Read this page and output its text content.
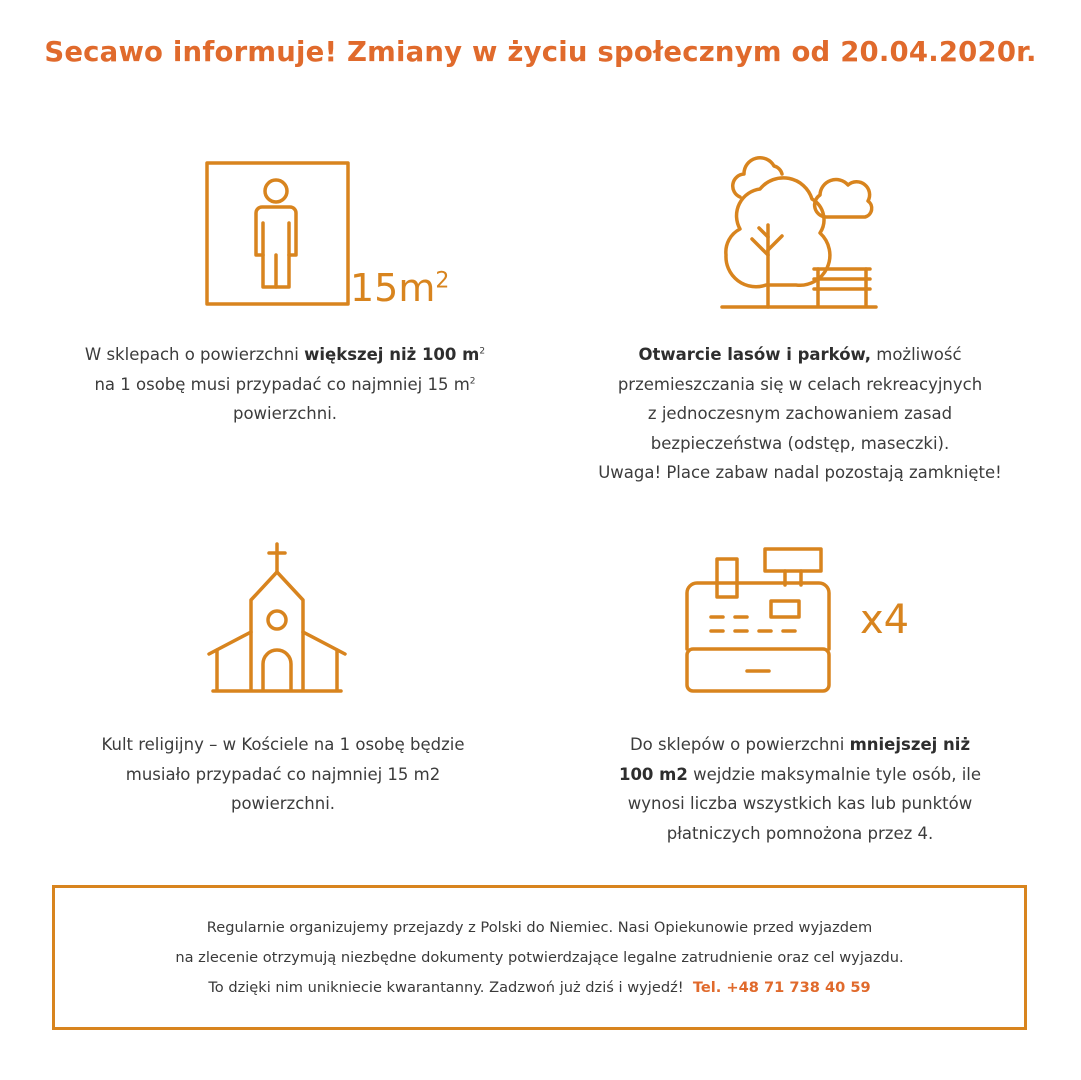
Secawo informuje! Zmiany w życiu społecznym od 20.04.2020r.
$15m^2$
W sklepach o powierzchni większej niż 100 $m^2$
na 1 osobę musi przypadać co najmniej 15 $m^2$
powierzchni.
Otwarcie lasów i parków, możliwość
przemieszczania się w celach rekreacyjnych
z jednoczesnym zachowaniem zasad
bezpieczeństwa (odstęp, maseczki).
Uwaga! Place zabaw nadal pozostają zamknięte!
x4
Kult religijny – w Kościele na 1 osobę będzie
musiało przypadać co najmniej 15 m2
powierzchni.
Do sklepów o powierzchni mniejszej niż
100 m2 wejdzie maksymalnie tyle osób, ile
wynosi liczba wszystkich kas lub punktów
płatniczych pomnożona przez 4.
Regularnie organizujemy przejazdy z Polski do Niemiec. Nasi Opiekunowie przed wyjazdem
na zlecenie otrzymują niezbędne dokumenty potwierdzające legalne zatrudnienie oraz cel wyjazdu.
To dzięki nim unikniecie kwarantanny. Zadzwoń już dziś i wyjedź! Tel. +48 71 738 40 59
